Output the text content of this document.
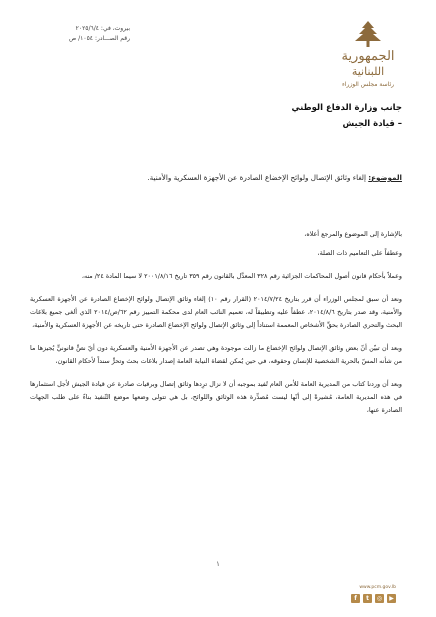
الجمهورية
اللبنانية
رئاسة مجلس الوزراء
بيروت، في: ٢٠٢٥/٦/٤
رقم الصـــادر: ١٠٥٤/ ص
جانب وزارة الدفاع الوطني
– قيادة الجيش
الموضوع: إلغاء وثائق الإتصال ولوائح الإخضاع الصادرة عن الأجهزة العسكرية والأمنية.

بالإشارة إلى الموضوع والمرجع أعلاه،

وعطفاً على التعاميم ذات الصلة،

وعملاً بأحكام قانون أصول المحاكمات الجزائية رقم ٣٢٨ المعدَّل بالقانون رقم ٣٥٩ تاريخ ٢٠٠١/٨/١٦ لا سيما المادة ٢٤/ منه،

ونعد أن سبق لمجلس الوزراء أن قرر بتاريخ ٢٠١٤/٧/٢٤ (القرار رقم ١٠) إلغاء وثائق الإتصال ولوائح الإخضاع الصادرة عن الأجهزة العسكرية والأمنية، وقد صدر بتاريخ ٢٠١٤/٨/٦، عطفاً عليه وتطبيقاً له، تعميم النائب العام لدى محكمة التمييز رقم ٦٢/ص/٢٠١٤ الذي ألغى جميع بلاغات البحث والتحري الصادرة بحقِّ الأشخاص المعممة استناداً إلى وثائق الإتصال ولوائح الإخضاع الصادرة حتى تاريخه عن الأجهزة العسكرية والأمنية،

وبعد أن تبيّن أنّ بعض وثائق الإتصال ولوائح الإخضاع ما زالت موجودة وهي تصدر عن الأجهزة الأمنية والعسكرية دون أيّ نصٍّ قانونيٍّ يُجيزها ما من شأنه المسّ بالحرية الشخصية للإنسان وحقوقه، في حين يُمكن لقضاة النيابة العامة إصدار بلاغات بحث وتحرٍّ سنداً لأحكام القانون،

وبعد أن وردنا كتاب من المديرية العامة للأمن العام تُفيد بموجبه أن لا نزال ترِدها وثائق إتصال وبرقيات صادرة عن قيادة الجيش لأجل استثمارها في هذه المديرية العامة، مُشيرةً إلى أنّها ليست مُصدِّرة هذه الوثائق واللوائح، بل هي تتولى وضعها موضع التّنفيذ بناءً على طلب الجهات الصادرة عنها،

١
www.pcm.gov.lb
f	t	◎	▶
